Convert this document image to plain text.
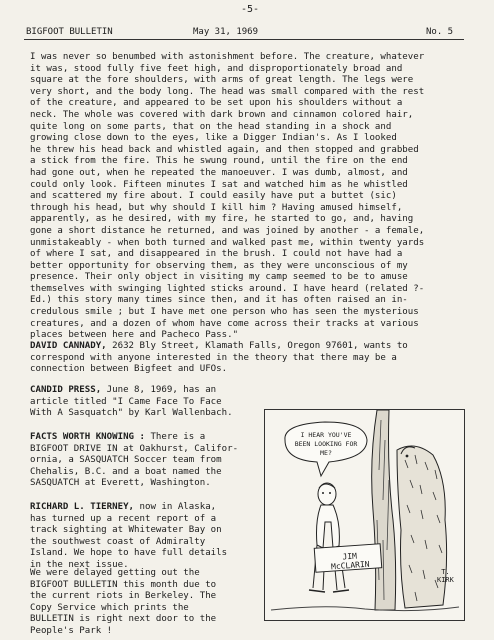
-5-
BIGFOOT BULLETIN	May 31, 1969	No. 5
I was never so benumbed with astonishment before. The creature, whatever
it was, stood fully five feet high, and disproportionately broad and
square at the fore shoulders, with arms of great length. The legs were
very short, and the body long. The head was small compared with the rest
of the creature, and appeared to be set upon his shoulders without a
neck. The whole was covered with dark brown and cinnamon colored hair,
quite long on some parts, that on the head standing in a shock and
growing close down to the eyes, like a Digger Indian's. As I looked
he threw his head back and whistled again, and then stopped and grabbed
a stick from the fire. This he swung round, until the fire on the end
had gone out, when he repeated the manoeuver. I was dumb, almost, and
could only look. Fifteen minutes I sat and watched him as he whistled
and scattered my fire about. I could easily have put a buttet (sic)
through his head, but why should I kill him ? Having amused himself,
apparently, as he desired, with my fire, he started to go, and, having
gone a short distance he returned, and was joined by another - a female,
unmistakeably - when both turned and walked past me, within twenty yards
of where I sat, and disappeared in the brush. I could not have had a
better opportunity for observing them, as they were unconscious of my
presence. Their only object in visiting my camp seemed to be to amuse
themselves with swinging lighted sticks around. I have heard (related ?-
Ed.) this story many times since then, and it has often raised an in-
credulous smile ; but I have met one person who has seen the mysterious
creatures, and a dozen of whom have come across their tracks at various
places between here and Pacheco Pass."
DAVID CANNADY, 2632 Bly Street, Klamath Falls, Oregon 97601, wants to
correspond with anyone interested in the theory that there may be a
connection between Bigfeet and UFOs.
CANDID PRESS, June 8, 1969, has an
article titled "I Came Face To Face
With A Sasquatch" by Karl Wallenbach.
FACTS WORTH KNOWING : There is a
BIGFOOT DRIVE IN at Oakhurst, Califor-
ornia, a SASQUATCH Soccer team from
Chehalis, B.C. and a boat named the
SASQUATCH at Everett, Washington.
RICHARD L. TIERNEY, now in Alaska,
has turned up a recent report of a
track sighting at Whitewater Bay on
the southwest coast of Admiralty
Island. We hope to have full details
in the next issue.
We were delayed getting out the
BIGFOOT BULLETIN this month due to
the current riots in Berkeley. The
Copy Service which prints the
BULLETIN is right next door to the
People's Park !
I HEAR YOU'VE
BEEN LOOKING FOR
ME?
JIM
McCLARIN
T.
KIRK
